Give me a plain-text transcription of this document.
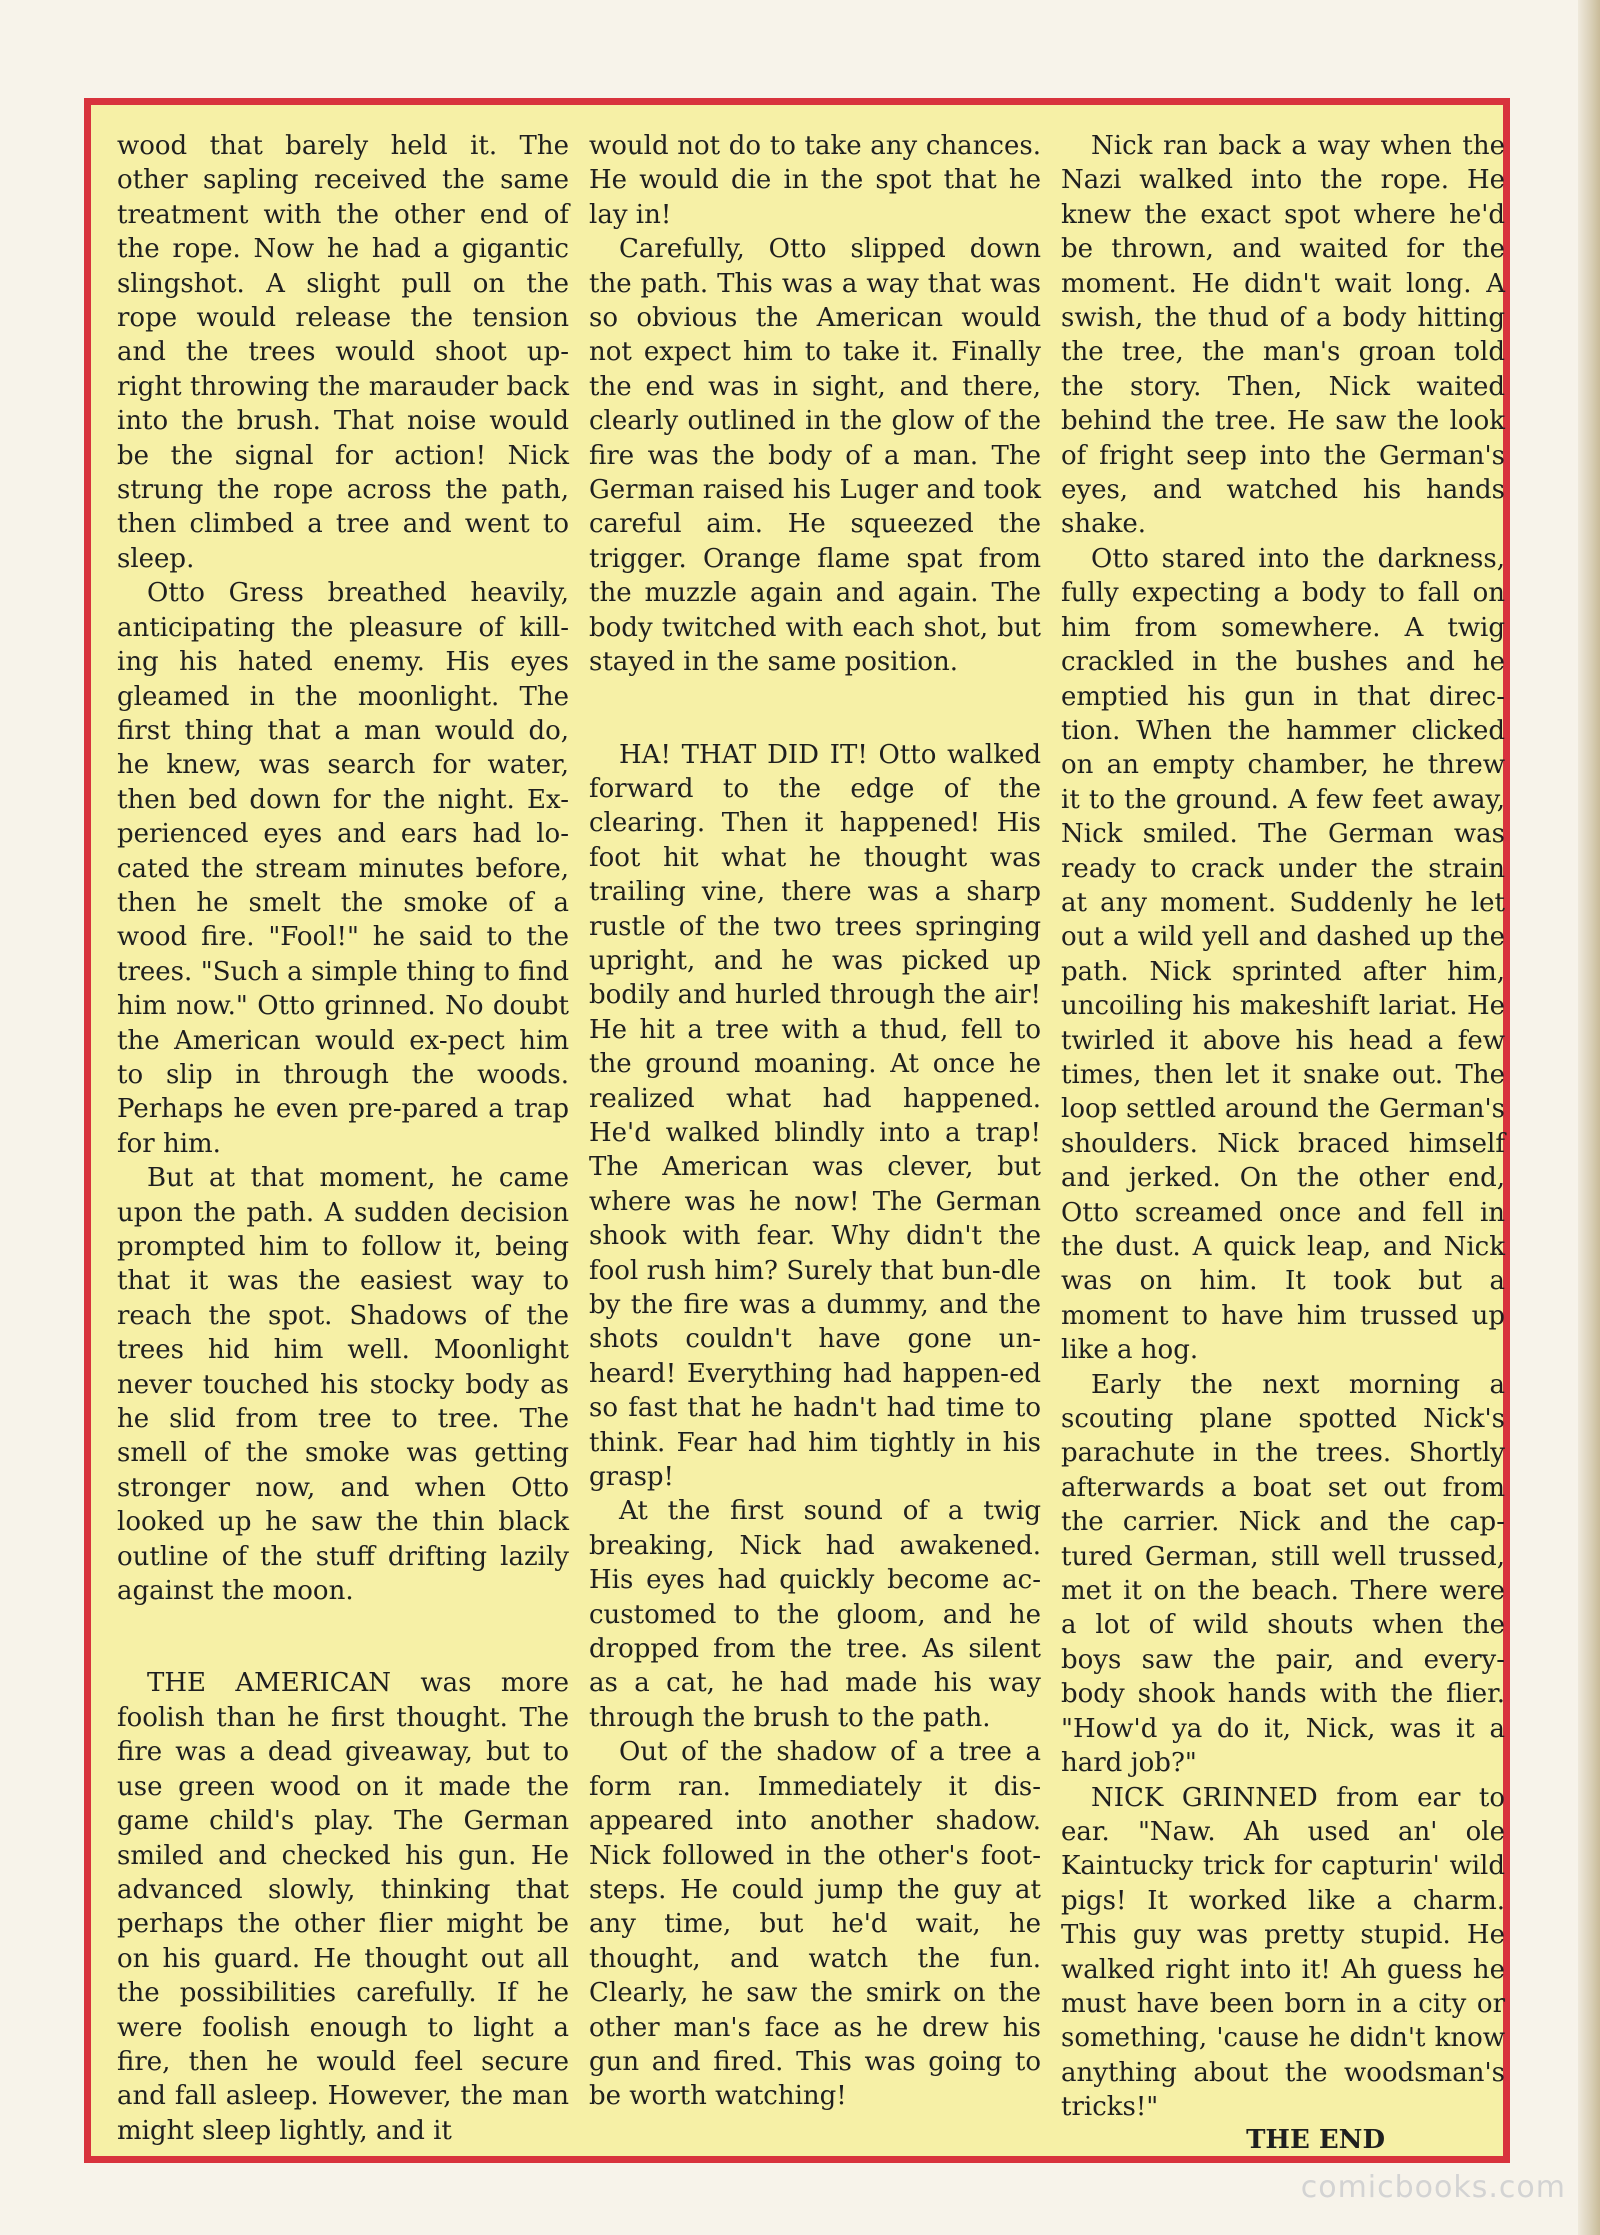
wood that barely held it. The other sapling received the same treatment with the other end of the rope. Now he had a gigantic slingshot. A slight pull on the rope would release the tension and the trees would shoot up-right throwing the marauder back into the brush. That noise would be the signal for action! Nick strung the rope across the path, then climbed a tree and went to sleep.

Otto Gress breathed heavily, anticipating the pleasure of kill-ing his hated enemy. His eyes gleamed in the moonlight. The first thing that a man would do, he knew, was search for water, then bed down for the night. Ex-perienced eyes and ears had lo-cated the stream minutes before, then he smelt the smoke of a wood fire. "Fool!" he said to the trees. "Such a simple thing to find him now." Otto grinned. No doubt the American would ex-pect him to slip in through the woods. Perhaps he even pre-pared a trap for him.

But at that moment, he came upon the path. A sudden decision prompted him to follow it, being that it was the easiest way to reach the spot. Shadows of the trees hid him well. Moonlight never touched his stocky body as he slid from tree to tree. The smell of the smoke was getting stronger now, and when Otto looked up he saw the thin black outline of the stuff drifting lazily against the moon.

THE AMERICAN was more foolish than he first thought. The fire was a dead giveaway, but to use green wood on it made the game child's play. The German smiled and checked his gun. He advanced slowly, thinking that perhaps the other flier might be on his guard. He thought out all the possibilities carefully. If he were foolish enough to light a fire, then he would feel secure and fall asleep. However, the man might sleep lightly, and it

would not do to take any chances. He would die in the spot that he lay in!

Carefully, Otto slipped down the path. This was a way that was so obvious the American would not expect him to take it. Finally the end was in sight, and there, clearly outlined in the glow of the fire was the body of a man. The German raised his Luger and took careful aim. He squeezed the trigger. Orange flame spat from the muzzle again and again. The body twitched with each shot, but stayed in the same position.

HA! THAT DID IT! Otto walked forward to the edge of the clearing. Then it happened! His foot hit what he thought was trailing vine, there was a sharp rustle of the two trees springing upright, and he was picked up bodily and hurled through the air! He hit a tree with a thud, fell to the ground moaning. At once he realized what had happened. He'd walked blindly into a trap! The American was clever, but where was he now! The German shook with fear. Why didn't the fool rush him? Surely that bun-dle by the fire was a dummy, and the shots couldn't have gone un-heard! Everything had happen-ed so fast that he hadn't had time to think. Fear had him tightly in his grasp!

At the first sound of a twig breaking, Nick had awakened. His eyes had quickly become ac-customed to the gloom, and he dropped from the tree. As silent as a cat, he had made his way through the brush to the path.

Out of the shadow of a tree a form ran. Immediately it dis-appeared into another shadow. Nick followed in the other's foot-steps. He could jump the guy at any time, but he'd wait, he thought, and watch the fun. Clearly, he saw the smirk on the other man's face as he drew his gun and fired. This was going to be worth watching!

Nick ran back a way when the Nazi walked into the rope. He knew the exact spot where he'd be thrown, and waited for the moment. He didn't wait long. A swish, the thud of a body hitting the tree, the man's groan told the story. Then, Nick waited behind the tree. He saw the look of fright seep into the German's eyes, and watched his hands shake.

Otto stared into the darkness, fully expecting a body to fall on him from somewhere. A twig crackled in the bushes and he emptied his gun in that direc-tion. When the hammer clicked on an empty chamber, he threw it to the ground. A few feet away, Nick smiled. The German was ready to crack under the strain at any moment. Suddenly he let out a wild yell and dashed up the path. Nick sprinted after him, uncoiling his makeshift lariat. He twirled it above his head a few times, then let it snake out. The loop settled around the German's shoulders. Nick braced himself and jerked. On the other end, Otto screamed once and fell in the dust. A quick leap, and Nick was on him. It took but a moment to have him trussed up like a hog.

Early the next morning a scouting plane spotted Nick's parachute in the trees. Shortly afterwards a boat set out from the carrier. Nick and the cap-tured German, still well trussed, met it on the beach. There were a lot of wild shouts when the boys saw the pair, and every-body shook hands with the flier. "How'd ya do it, Nick, was it a hard job?"

NICK GRINNED from ear to ear. "Naw. Ah used an' ole Kaintucky trick for capturin' wild pigs! It worked like a charm. This guy was pretty stupid. He walked right into it! Ah guess he must have been born in a city or something, 'cause he didn't know anything about the woodsman's tricks!"

THE END
comicbooks.com
